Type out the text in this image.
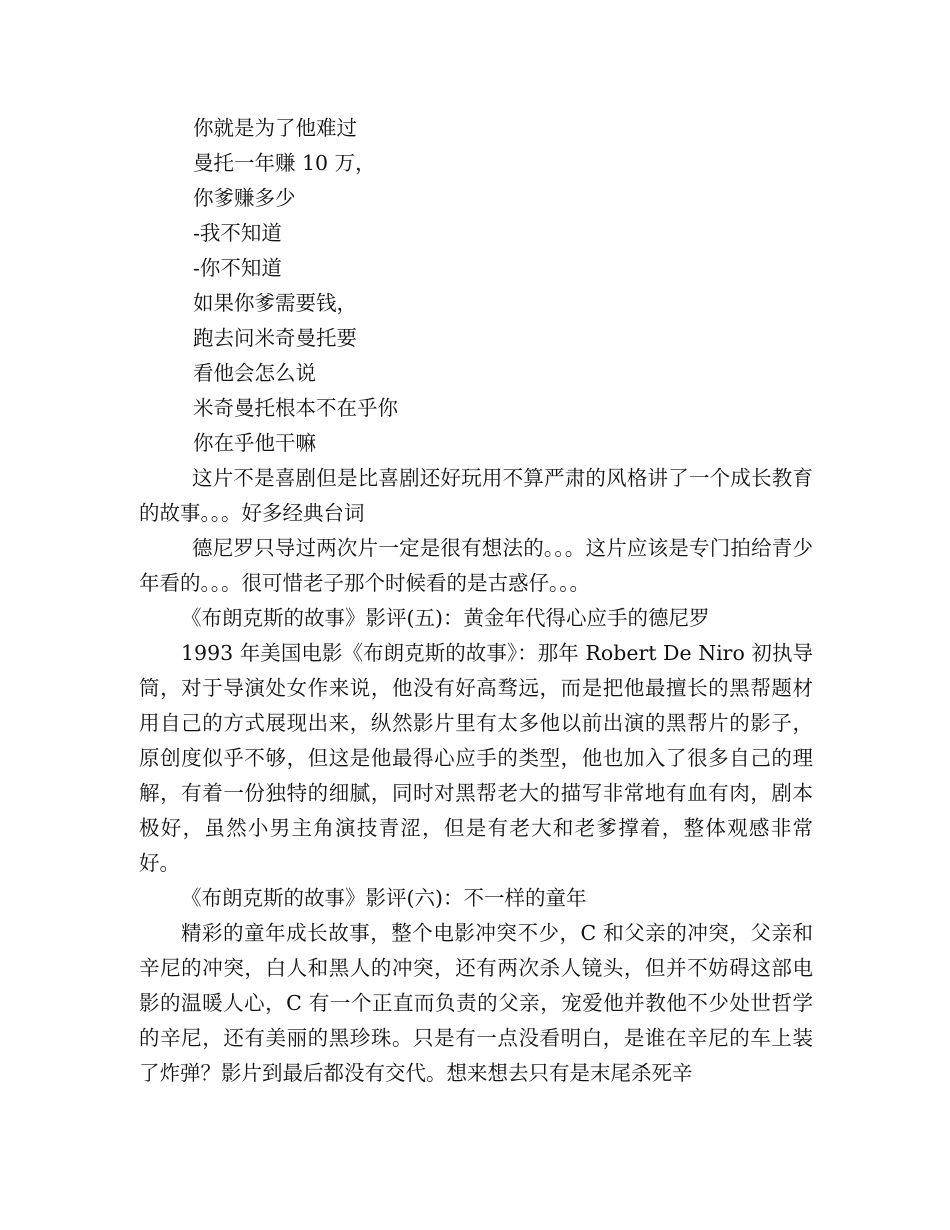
你就是为了他难过

曼托一年赚 10 万，

你爹赚多少

-我不知道

-你不知道

如果你爹需要钱，

跑去问米奇曼托要

看他会怎么说

米奇曼托根本不在乎你

你在乎他干嘛

这片不是喜剧但是比喜剧还好玩用不算严肃的风格讲了一个成长教育的故事。。。好多经典台词

德尼罗只导过两次片一定是很有想法的。。。这片应该是专门拍给青少年看的。。。很可惜老子那个时候看的是古惑仔。。。

《布朗克斯的故事》影评(五)：黄金年代得心应手的德尼罗

1993 年美国电影《布朗克斯的故事》：那年 Robert De Niro 初执导筒，对于导演处女作来说，他没有好高骛远，而是把他最擅长的黑帮题材用自己的方式展现出来，纵然影片里有太多他以前出演的黑帮片的影子，原创度似乎不够，但这是他最得心应手的类型，他也加入了很多自己的理解，有着一份独特的细腻，同时对黑帮老大的描写非常地有血有肉，剧本极好，虽然小男主角演技青涩，但是有老大和老爹撑着，整体观感非常好。

《布朗克斯的故事》影评(六)：不一样的童年

精彩的童年成长故事，整个电影冲突不少，C 和父亲的冲突，父亲和辛尼的冲突，白人和黑人的冲突，还有两次杀人镜头，但并不妨碍这部电影的温暖人心，C 有一个正直而负责的父亲，宠爱他并教他不少处世哲学的辛尼，还有美丽的黑珍珠。只是有一点没看明白，是谁在辛尼的车上装了炸弹？影片到最后都没有交代。想来想去只有是末尾杀死辛
